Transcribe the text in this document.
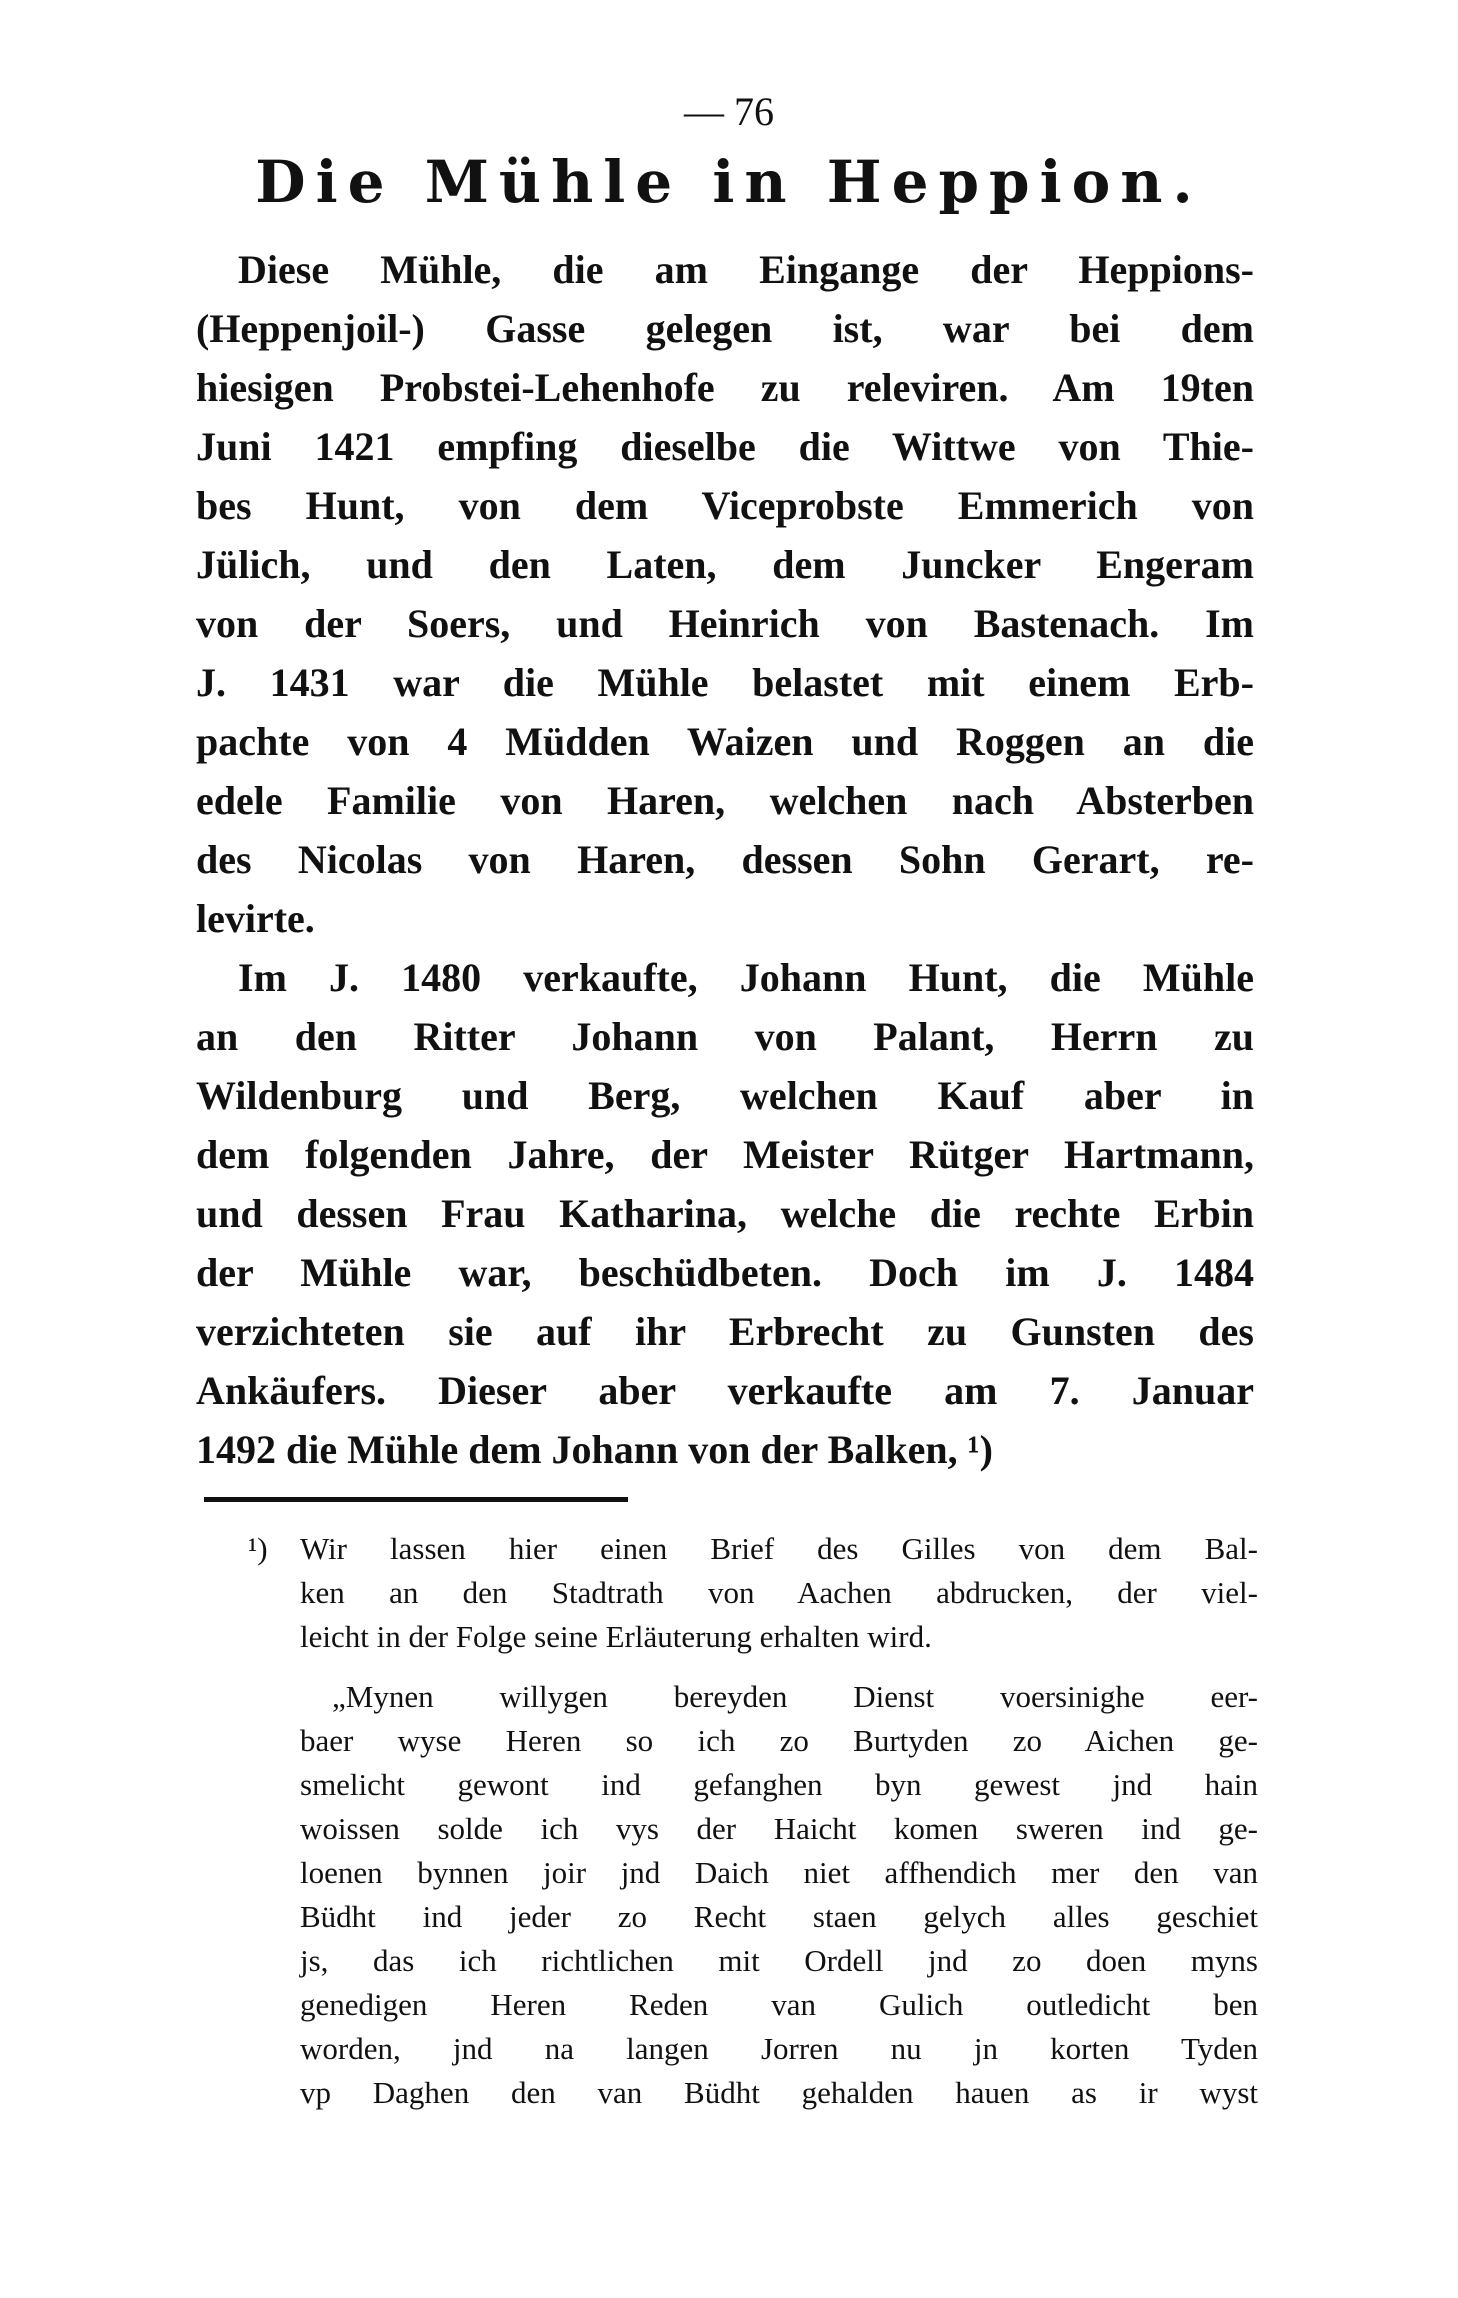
— 76
Die Mühle in Heppion.
Diese Mühle, die am Eingange der Heppions-
(Heppenjoil-) Gasse gelegen ist, war bei dem
hiesigen Probstei-Lehenhofe zu releviren. Am 19ten
Juni 1421 empfing dieselbe die Wittwe von Thie-
bes Hunt, von dem Viceprobste Emmerich von
Jülich, und den Laten, dem Juncker Engeram
von der Soers, und Heinrich von Bastenach. Im
J. 1431 war die Mühle belastet mit einem Erb-
pachte von 4 Müdden Waizen und Roggen an die
edele Familie von Haren, welchen nach Absterben
des Nicolas von Haren, dessen Sohn Gerart, re-
levirte.
Im J. 1480 verkaufte, Johann Hunt, die Mühle
an den Ritter Johann von Palant, Herrn zu
Wildenburg und Berg, welchen Kauf aber in
dem folgenden Jahre, der Meister Rütger Hartmann,
und dessen Frau Katharina, welche die rechte Erbin
der Mühle war, beschüdbeten. Doch im J. 1484
verzichteten sie auf ihr Erbrecht zu Gunsten des
Ankäufers. Dieser aber verkaufte am 7. Januar
1492 die Mühle dem Johann von der Balken, ¹)
¹) Wir lassen hier einen Brief des Gilles von dem Bal-
ken an den Stadtrath von Aachen abdrucken, der viel-
leicht in der Folge seine Erläuterung erhalten wird.
„Mynen willygen bereyden Dienst voersinighe eer-
baer wyse Heren so ich zo Burtyden zo Aichen ge-
smelicht gewont ind gefanghen byn gewest jnd hain
woissen solde ich vys der Haicht komen sweren ind ge-
loenen bynnen joir jnd Daich niet affhendich mer den van
Büdht ind jeder zo Recht staen gelych alles geschiet
js, das ich richtlichen mit Ordell jnd zo doen myns
genedigen Heren Reden van Gulich outledicht ben
worden, jnd na langen Jorren nu jn korten Tyden
vp Daghen den van Büdht gehalden hauen as ir wyst
